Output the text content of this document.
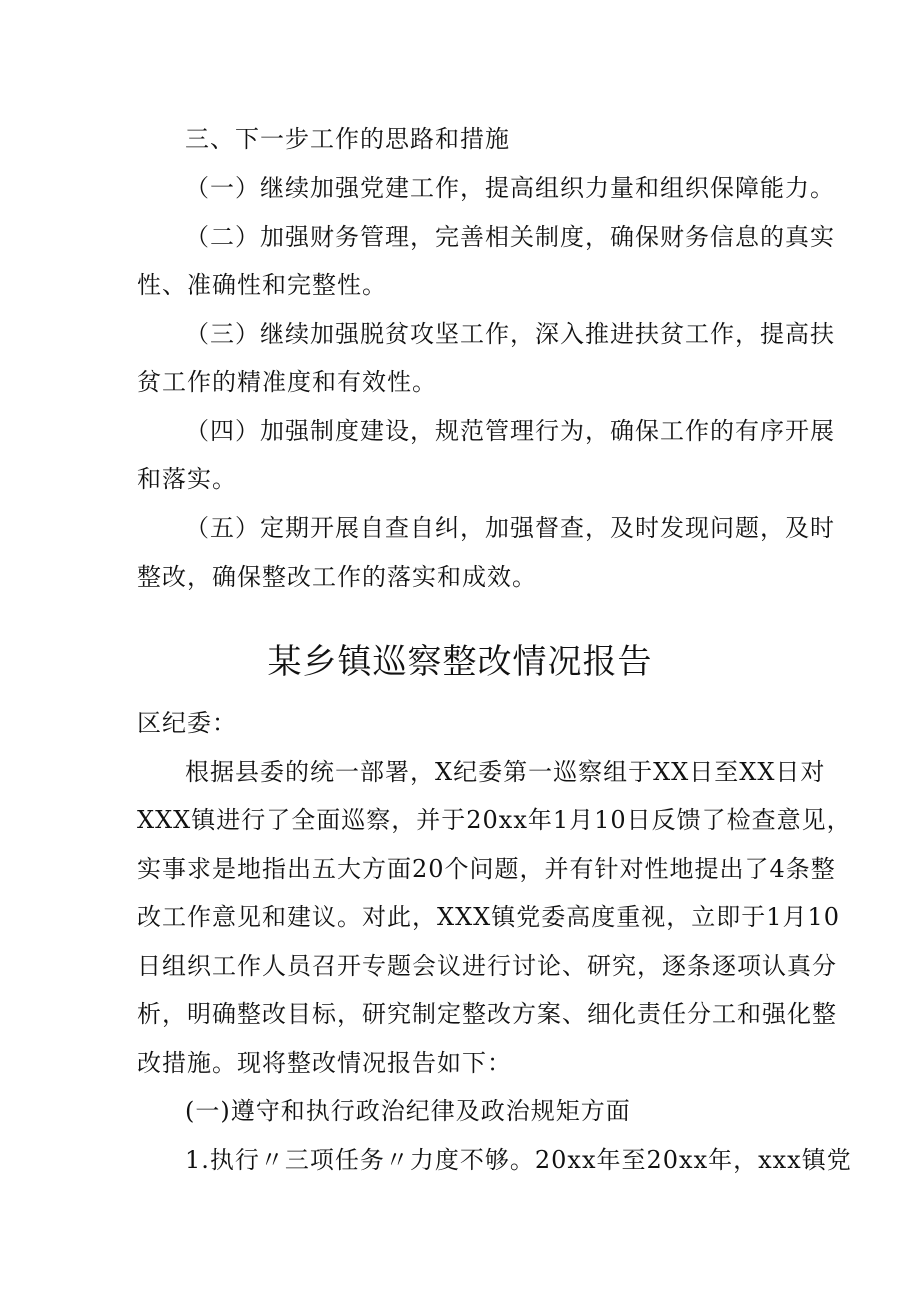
三、下一步工作的思路和措施
（一）继续加强党建工作，提高组织力量和组织保障能力。
（二）加强财务管理，完善相关制度，确保财务信息的真实
性、准确性和完整性。
（三）继续加强脱贫攻坚工作，深入推进扶贫工作，提高扶
贫工作的精准度和有效性。
（四）加强制度建设，规范管理行为，确保工作的有序开展
和落实。
（五）定期开展自查自纠，加强督查，及时发现问题，及时
整改，确保整改工作的落实和成效。
某乡镇巡察整改情况报告
区纪委：
根据县委的统一部署，X纪委第一巡察组于XX日至XX日对
XXX镇进行了全面巡察，并于20xx年1月10日反馈了检查意见，
实事求是地指出五大方面20个问题，并有针对性地提出了4条整
改工作意见和建议。对此，XXX镇党委高度重视，立即于1月10
日组织工作人员召开专题会议进行讨论、研究，逐条逐项认真分
析，明确整改目标，研究制定整改方案、细化责任分工和强化整
改措施。现将整改情况报告如下：
(一)遵守和执行政治纪律及政治规矩方面
1.执行〃三项任务〃力度不够。20xx年至20xx年，xxx镇党
